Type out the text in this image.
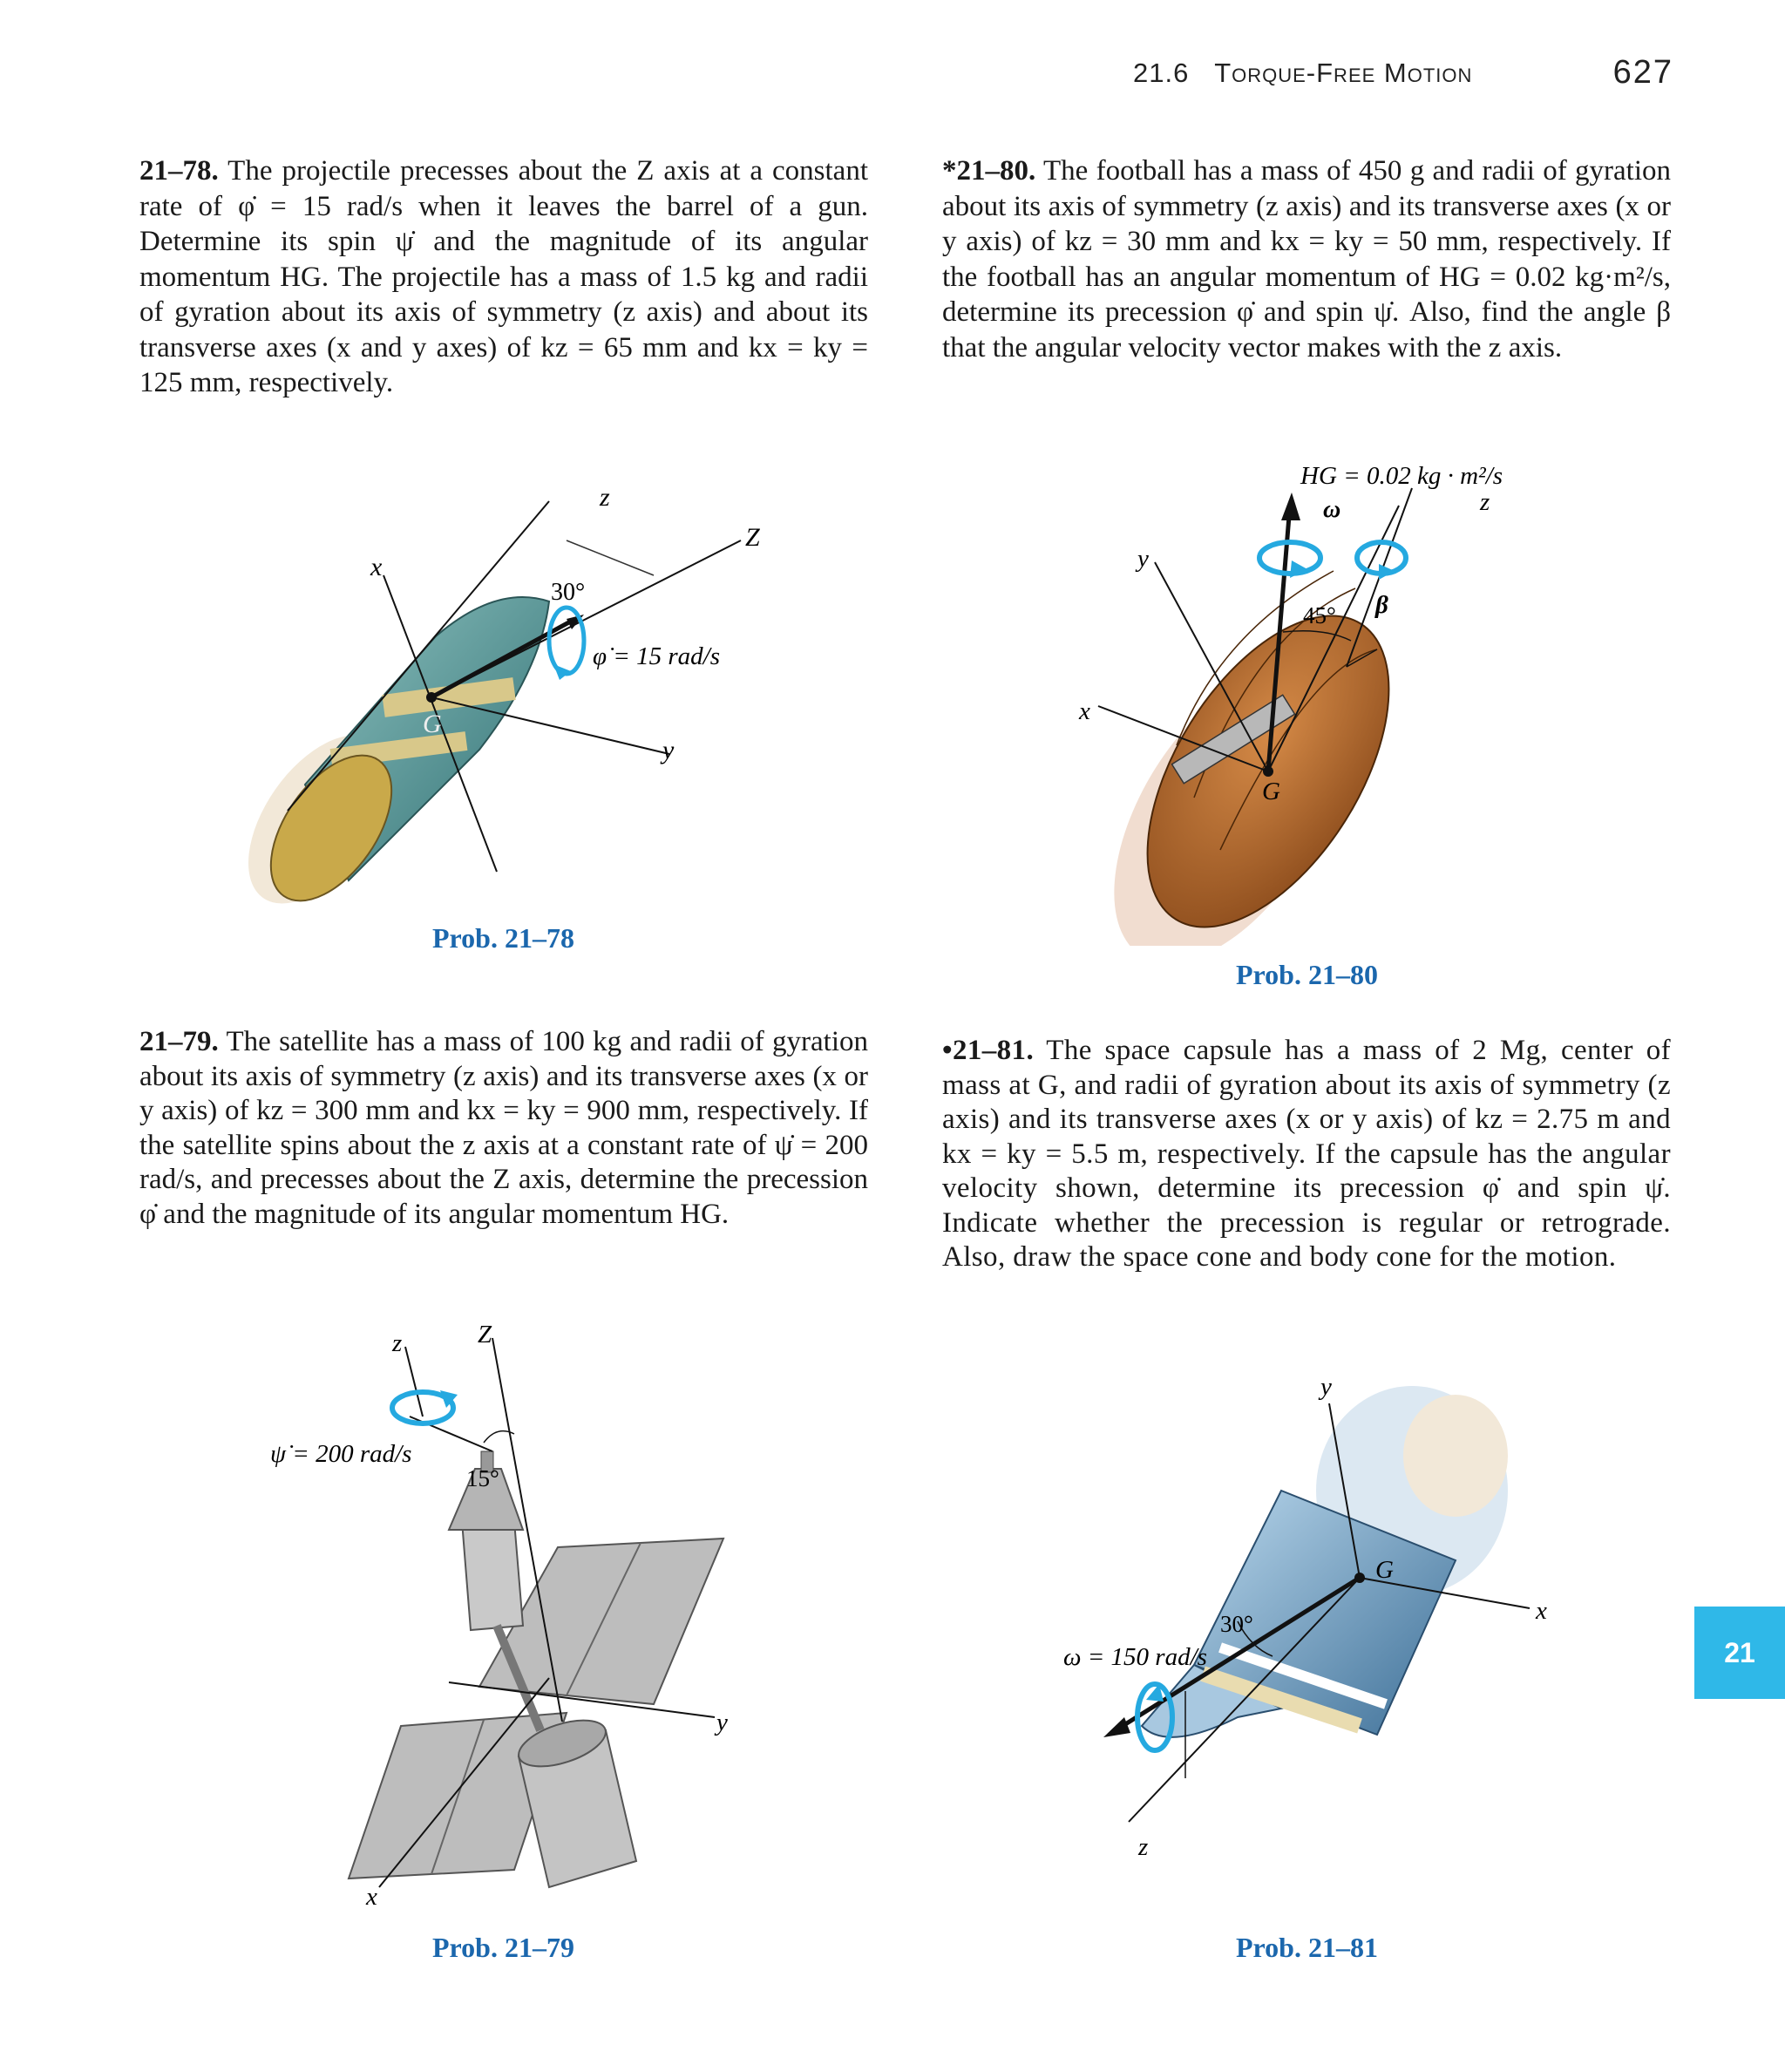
21.6 Torque-Free Motion	627
21–78. The projectile precesses about the Z axis at a constant rate of φ̇ = 15 rad/s when it leaves the barrel of a gun. Determine its spin ψ̇ and the magnitude of its angular momentum HG. The projectile has a mass of 1.5 kg and radii of gyration about its axis of symmetry (z axis) and about its transverse axes (x and y axes) of kz = 65 mm and kx = ky = 125 mm, respectively.
*21–80. The football has a mass of 450 g and radii of gyration about its axis of symmetry (z axis) and its transverse axes (x or y axis) of kz = 30 mm and kx = ky = 50 mm, respectively. If the football has an angular momentum of HG = 0.02 kg·m²/s, determine its precession φ̇ and spin ψ̇. Also, find the angle β that the angular velocity vector makes with the z axis.
x
z
Z
y
G
30°
φ̇ = 15 rad/s
Prob. 21–78
HG = 0.02 kg · m²/s
ω	z
y
x
G
45° β
Prob. 21–80
21–79. The satellite has a mass of 100 kg and radii of gyration about its axis of symmetry (z axis) and its transverse axes (x or y axis) of kz = 300 mm and kx = ky = 900 mm, respectively. If the satellite spins about the z axis at a constant rate of ψ̇ = 200 rad/s, and precesses about the Z axis, determine the precession φ̇ and the magnitude of its angular momentum HG.
•21–81. The space capsule has a mass of 2 Mg, center of mass at G, and radii of gyration about its axis of symmetry (z axis) and its transverse axes (x or y axis) of kz = 2.75 m and kx = ky = 5.5 m, respectively. If the capsule has the angular velocity shown, determine its precession φ̇ and spin ψ̇. Indicate whether the precession is regular or retrograde. Also, draw the space cone and body cone for the motion.
z	Z
y
x
ψ̇ = 200 rad/s
15°
Prob. 21–79
y
x
z
G
30°
ω = 150 rad/s
Prob. 21–81
21
